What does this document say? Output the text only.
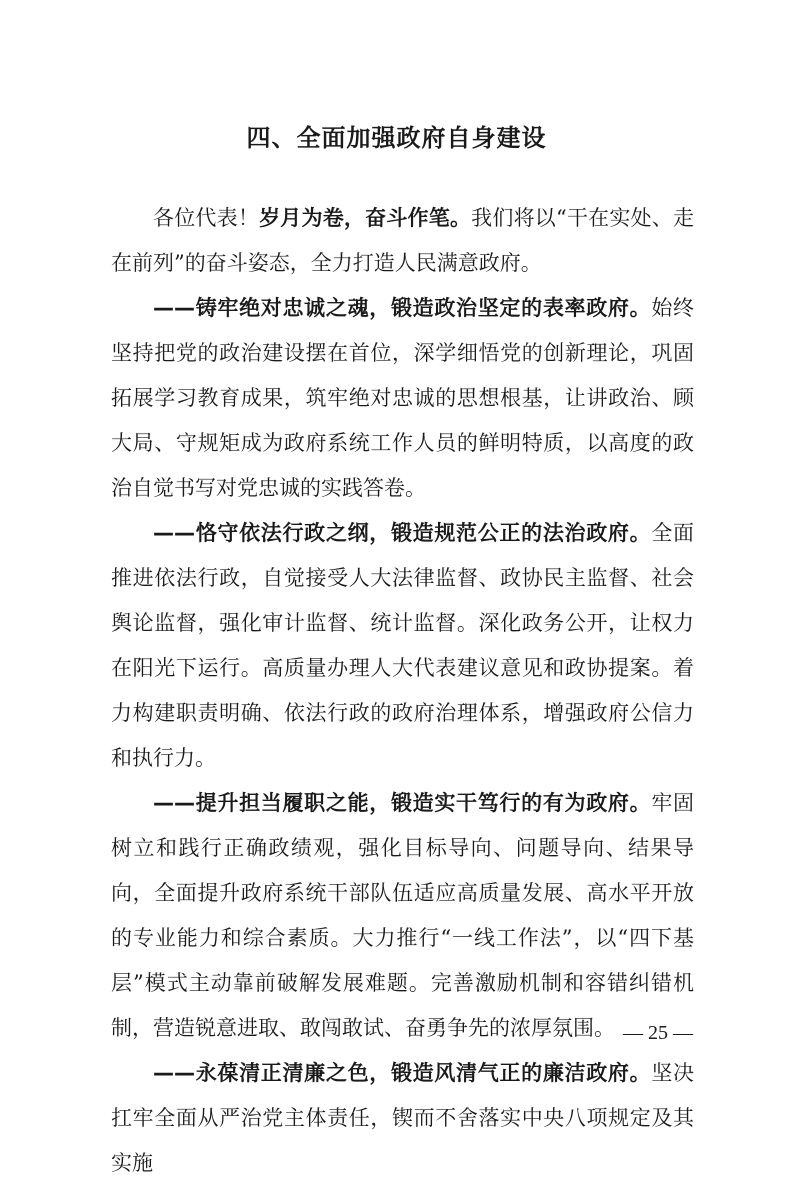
四、全面加强政府自身建设

各位代表！岁月为卷，奋斗作笔。我们将以“干在实处、走在前列”的奋斗姿态，全力打造人民满意政府。

——铸牢绝对忠诚之魂，锻造政治坚定的表率政府。始终坚持把党的政治建设摆在首位，深学细悟党的创新理论，巩固拓展学习教育成果，筑牢绝对忠诚的思想根基，让讲政治、顾大局、守规矩成为政府系统工作人员的鲜明特质，以高度的政治自觉书写对党忠诚的实践答卷。

——恪守依法行政之纲，锻造规范公正的法治政府。全面推进依法行政，自觉接受人大法律监督、政协民主监督、社会舆论监督，强化审计监督、统计监督。深化政务公开，让权力在阳光下运行。高质量办理人大代表建议意见和政协提案。着力构建职责明确、依法行政的政府治理体系，增强政府公信力和执行力。

——提升担当履职之能，锻造实干笃行的有为政府。牢固树立和践行正确政绩观，强化目标导向、问题导向、结果导向，全面提升政府系统干部队伍适应高质量发展、高水平开放的专业能力和综合素质。大力推行“一线工作法”，以“四下基层”模式主动靠前破解发展难题。完善激励机制和容错纠错机制，营造锐意进取、敢闯敢试、奋勇争先的浓厚氛围。

——永葆清正清廉之色，锻造风清气正的廉洁政府。坚决扛牢全面从严治党主体责任，锲而不舍落实中央八项规定及其实施

— 25 —
